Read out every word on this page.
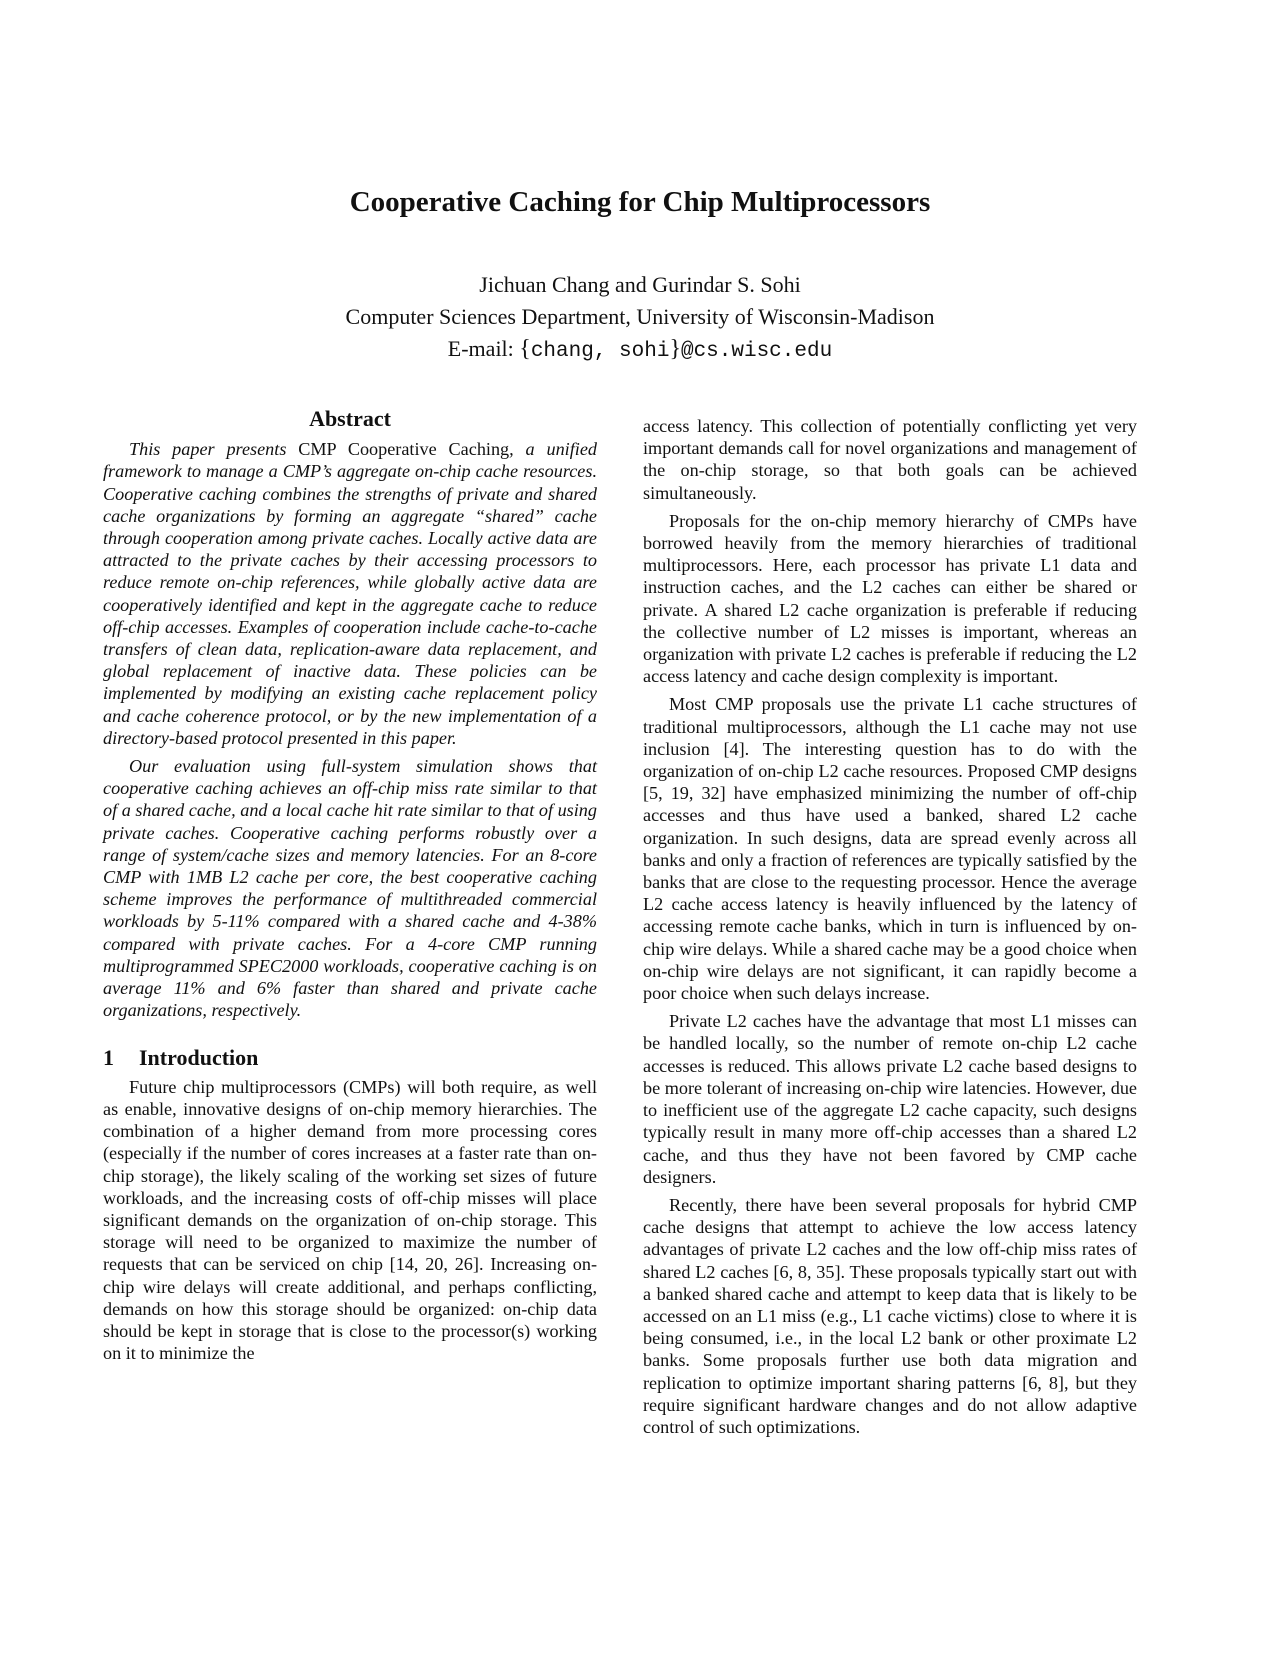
Cooperative Caching for Chip Multiprocessors

Jichuan Chang and Gurindar S. Sohi

Computer Sciences Department, University of Wisconsin-Madison

E-mail: {chang, sohi}@cs.wisc.edu

Abstract

This paper presents CMP Cooperative Caching, a unified framework to manage a CMP’s aggregate on-chip cache resources. Cooperative caching combines the strengths of private and shared cache organizations by forming an aggregate “shared” cache through cooperation among private caches. Locally active data are attracted to the private caches by their accessing processors to reduce remote on-chip references, while globally active data are cooperatively identified and kept in the aggregate cache to reduce off-chip accesses. Examples of cooperation include cache-to-cache transfers of clean data, replication-aware data replacement, and global replacement of inactive data. These policies can be implemented by modifying an existing cache replacement policy and cache coherence protocol, or by the new implementation of a directory-based protocol presented in this paper.

Our evaluation using full-system simulation shows that cooperative caching achieves an off-chip miss rate similar to that of a shared cache, and a local cache hit rate similar to that of using private caches. Cooperative caching performs robustly over a range of system/cache sizes and memory latencies. For an 8-core CMP with 1MB L2 cache per core, the best cooperative caching scheme improves the performance of multithreaded commercial workloads by 5-11% compared with a shared cache and 4-38% compared with private caches. For a 4-core CMP running multiprogrammed SPEC2000 workloads, cooperative caching is on average 11% and 6% faster than shared and private cache organizations, respectively.

1 Introduction

Future chip multiprocessors (CMPs) will both require, as well as enable, innovative designs of on-chip memory hierarchies. The combination of a higher demand from more processing cores (especially if the number of cores increases at a faster rate than on-chip storage), the likely scaling of the working set sizes of future workloads, and the increasing costs of off-chip misses will place significant demands on the organization of on-chip storage. This storage will need to be organized to maximize the number of requests that can be serviced on chip [14, 20, 26]. Increasing on-chip wire delays will create additional, and perhaps conflicting, demands on how this storage should be organized: on-chip data should be kept in storage that is close to the processor(s) working on it to minimize the

access latency. This collection of potentially conflicting yet very important demands call for novel organizations and management of the on-chip storage, so that both goals can be achieved simultaneously.

Proposals for the on-chip memory hierarchy of CMPs have borrowed heavily from the memory hierarchies of traditional multiprocessors. Here, each processor has private L1 data and instruction caches, and the L2 caches can either be shared or private. A shared L2 cache organization is preferable if reducing the collective number of L2 misses is important, whereas an organization with private L2 caches is preferable if reducing the L2 access latency and cache design complexity is important.

Most CMP proposals use the private L1 cache structures of traditional multiprocessors, although the L1 cache may not use inclusion [4]. The interesting question has to do with the organization of on-chip L2 cache resources. Proposed CMP designs [5, 19, 32] have emphasized minimizing the number of off-chip accesses and thus have used a banked, shared L2 cache organization. In such designs, data are spread evenly across all banks and only a fraction of references are typically satisfied by the banks that are close to the requesting processor. Hence the average L2 cache access latency is heavily influenced by the latency of accessing remote cache banks, which in turn is influenced by on-chip wire delays. While a shared cache may be a good choice when on-chip wire delays are not significant, it can rapidly become a poor choice when such delays increase.

Private L2 caches have the advantage that most L1 misses can be handled locally, so the number of remote on-chip L2 cache accesses is reduced. This allows private L2 cache based designs to be more tolerant of increasing on-chip wire latencies. However, due to inefficient use of the aggregate L2 cache capacity, such designs typically result in many more off-chip accesses than a shared L2 cache, and thus they have not been favored by CMP cache designers.

Recently, there have been several proposals for hybrid CMP cache designs that attempt to achieve the low access latency advantages of private L2 caches and the low off-chip miss rates of shared L2 caches [6, 8, 35]. These proposals typically start out with a banked shared cache and attempt to keep data that is likely to be accessed on an L1 miss (e.g., L1 cache victims) close to where it is being consumed, i.e., in the local L2 bank or other proximate L2 banks. Some proposals further use both data migration and replication to optimize important sharing patterns [6, 8], but they require significant hardware changes and do not allow adaptive control of such optimizations.
